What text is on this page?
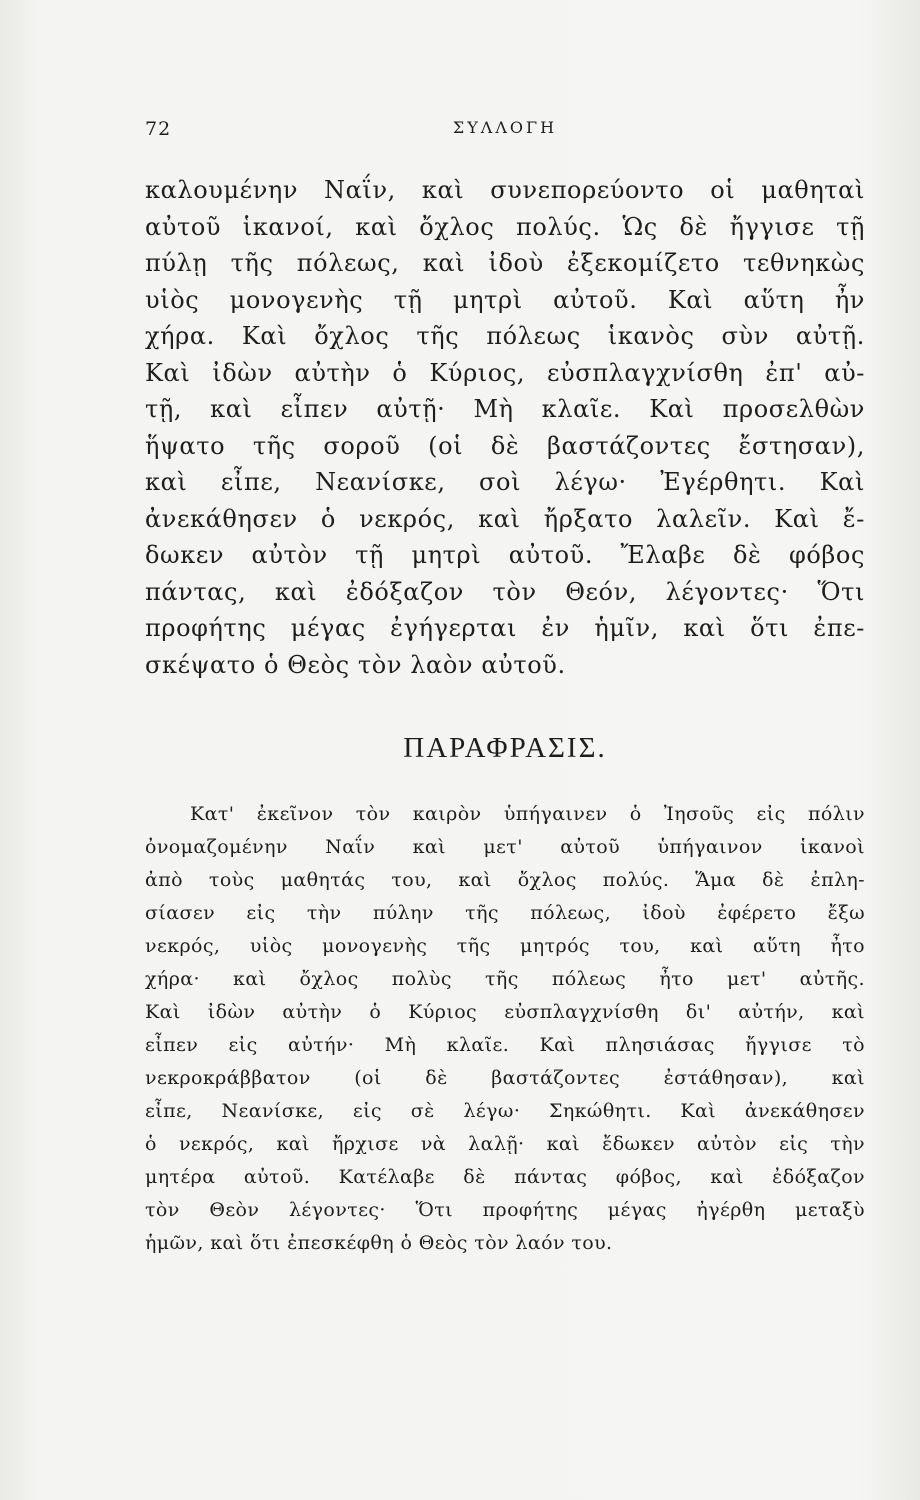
72	ΣΥΛΛΟΓΗ
καλουμένην Ναΐν, καὶ συνεπορεύοντο οἱ μαθηταὶ
αὐτοῦ ἱκανοί, καὶ ὄχλος πολύς. Ὡς δὲ ἤγγισε τῇ
πύλῃ τῆς πόλεως, καὶ ἰδοὺ ἐξεκομίζετο τεθνηκὼς
υἱὸς μονογενὴς τῇ μητρὶ αὐτοῦ. Καὶ αὕτη ἦν
χήρα. Καὶ ὄχλος τῆς πόλεως ἱκανὸς σὺν αὐτῇ.
Καὶ ἰδὼν αὐτὴν ὁ Κύριος, εὐσπλαγχνίσθη ἐπ' αὐ-
τῇ, καὶ εἶπεν αὐτῇ· Μὴ κλαῖε. Καὶ προσελθὼν
ἥψατο τῆς σοροῦ (οἱ δὲ βαστάζοντες ἔστησαν),
καὶ εἶπε, Νεανίσκε, σοὶ λέγω· Ἐγέρθητι. Καὶ
ἀνεκάθησεν ὁ νεκρός, καὶ ἤρξατο λαλεῖν. Καὶ ἔ-
δωκεν αὐτὸν τῇ μητρὶ αὐτοῦ. Ἔλαβε δὲ φόβος
πάντας, καὶ ἐδόξαζον τὸν Θεόν, λέγοντες· Ὅτι
προφήτης μέγας ἐγήγερται ἐν ἡμῖν, καὶ ὅτι ἐπε-
σκέψατο ὁ Θεὸς τὸν λαὸν αὐτοῦ.
ΠΑΡΑΦΡΑΣΙΣ.
Κατ' ἐκεῖνον τὸν καιρὸν ὑπήγαινεν ὁ Ἰησοῦς εἰς πόλιν
ὀνομαζομένην Ναΐν καὶ μετ' αὐτοῦ ὑπήγαινον ἱκανοὶ
ἀπὸ τοὺς μαθητάς του, καὶ ὄχλος πολύς. Ἅμα δὲ ἐπλη-
σίασεν εἰς τὴν πύλην τῆς πόλεως, ἰδοὺ ἐφέρετο ἔξω
νεκρός, υἱὸς μονογενὴς τῆς μητρός του, καὶ αὕτη ἦτο
χήρα· καὶ ὄχλος πολὺς τῆς πόλεως ἦτο μετ' αὐτῆς.
Καὶ ἰδὼν αὐτὴν ὁ Κύριος εὐσπλαγχνίσθη δι' αὐτήν, καὶ
εἶπεν εἰς αὐτήν· Μὴ κλαῖε. Καὶ πλησιάσας ἤγγισε τὸ
νεκροκράββατον (οἱ δὲ βαστάζοντες ἐστάθησαν), καὶ
εἶπε, Νεανίσκε, εἰς σὲ λέγω· Σηκώθητι. Καὶ ἀνεκάθησεν
ὁ νεκρός, καὶ ἤρχισε νὰ λαλῇ· καὶ ἔδωκεν αὐτὸν εἰς τὴν
μητέρα αὐτοῦ. Κατέλαβε δὲ πάντας φόβος, καὶ ἐδόξαζον
τὸν Θεὸν λέγοντες· Ὅτι προφήτης μέγας ἠγέρθη μεταξὺ
ἡμῶν, καὶ ὅτι ἐπεσκέφθη ὁ Θεὸς τὸν λαόν του.
